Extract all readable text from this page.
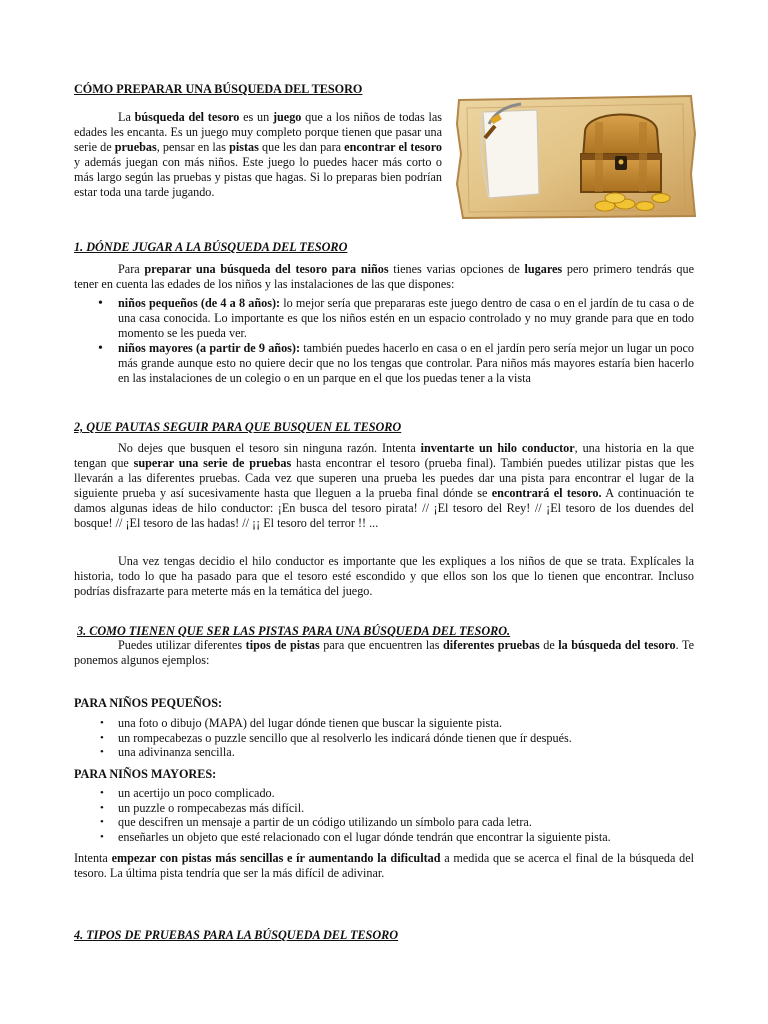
CÓMO PREPARAR UNA BÚSQUEDA DEL TESORO

La búsqueda del tesoro es un juego que a los niños de todas las edades les encanta. Es un juego muy completo porque tienen que pasar una serie de pruebas, pensar en las pistas que les dan para encontrar el tesoro y además juegan con más niños. Este juego lo puedes hacer más corto o más largo según las pruebas y pistas que hagas. Si lo preparas bien podrían estar toda una tarde jugando.

1. DÓNDE JUGAR A LA BÚSQUEDA DEL TESORO

Para preparar una búsqueda del tesoro para niños tienes varias opciones de lugares pero primero tendrás que tener en cuenta las edades de los niños y las instalaciones de las que dispones:

• niños pequeños (de 4 a 8 años): lo mejor sería que prepararas este juego dentro de casa o en el jardín de tu casa o de una casa conocida. Lo importante es que los niños estén en un espacio controlado y no muy grande para que en todo momento se les pueda ver.
• niños mayores (a partir de 9 años): también puedes hacerlo en casa o en el jardín pero sería mejor un lugar un poco más grande aunque esto no quiere decir que no los tengas que controlar. Para niños más mayores estaría bien hacerlo en las instalaciones de un colegio o en un parque en el que los puedas tener a la vista
2, QUE PAUTAS SEGUIR PARA QUE BUSQUEN EL TESORO

No dejes que busquen el tesoro sin ninguna razón. Intenta inventarte un hilo conductor, una historia en la que tengan que superar una serie de pruebas hasta encontrar el tesoro (prueba final). También puedes utilizar pistas que les llevarán a las diferentes pruebas. Cada vez que superen una prueba les puedes dar una pista para encontrar el lugar de la siguiente prueba y así sucesivamente hasta que lleguen a la prueba final dónde se encontrará el tesoro. A continuación te damos algunas ideas de hilo conductor: ¡En busca del tesoro pirata! // ¡El tesoro del Rey! // ¡El tesoro de los duendes del bosque! // ¡El tesoro de las hadas! // ¡¡ El tesoro del terror !! ...

Una vez tengas decidio el hilo conductor es importante que les expliques a los niños de que se trata. Explícales la historia, todo lo que ha pasado para que el tesoro esté escondido y que ellos son los que lo tienen que encontrar. Incluso podrías disfrazarte para meterte más en la temática del juego.

3. COMO TIENEN QUE SER LAS PISTAS PARA UNA BÚSQUEDA DEL TESORO.

Puedes utilizar diferentes tipos de pistas para que encuentren las diferentes pruebas de la búsqueda del tesoro. Te ponemos algunos ejemplos:

PARA NIÑOS PEQUEÑOS:
• una foto o dibujo (MAPA) del lugar dónde tienen que buscar la siguiente pista.
• un rompecabezas o puzzle sencillo que al resolverlo les indicará dónde tienen que ír después.
• una adivinanza sencilla.
PARA NIÑOS MAYORES:
• un acertijo un poco complicado.
• un puzzle o rompecabezas más difícil.
• que descifren un mensaje a partir de un código utilizando un símbolo para cada letra.
• enseñarles un objeto que esté relacionado con el lugar dónde tendrán que encontrar la siguiente pista.

Intenta empezar con pistas más sencillas e ír aumentando la dificultad a medida que se acerca el final de la búsqueda del tesoro. La última pista tendría que ser la más difícil de adivinar.

4. TIPOS DE PRUEBAS PARA LA BÚSQUEDA DEL TESORO
